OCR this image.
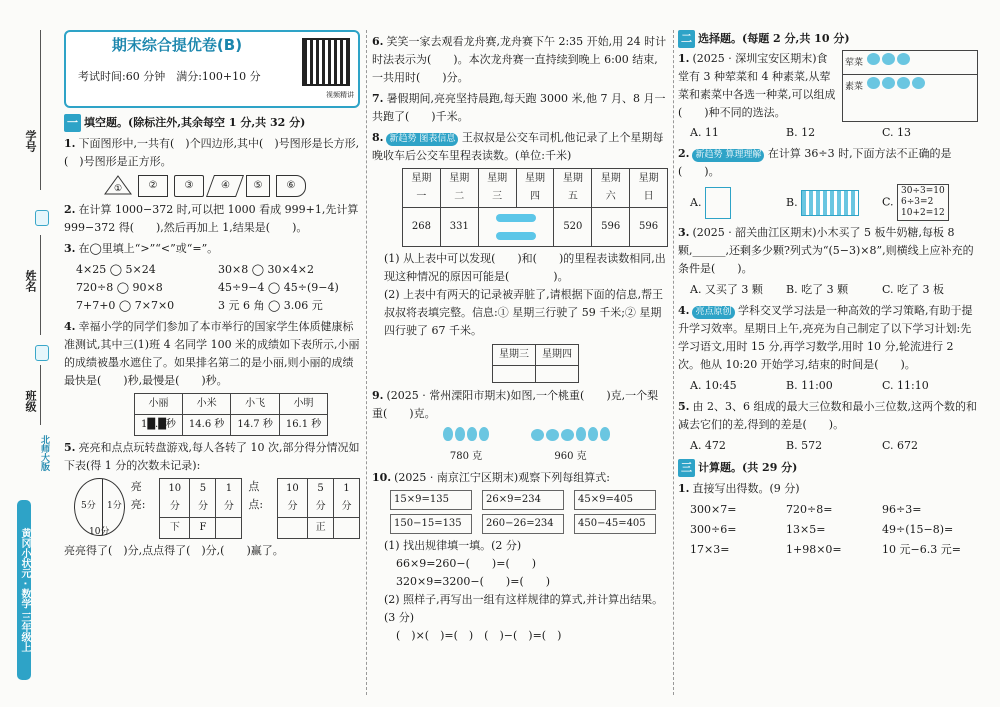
学号
姓名
班级
北师大版
黄冈小状元 · 数学 三年级上
期末综合提优卷(B)
考试时间:60 分钟　满分:100+10 分
视频精讲
一 填空题。(除标注外,其余每空 1 分,共 32 分)
1. 下面图形中,一共有(　)个四边形,其中(　)号图形是长方形,(　)号图形是正方形。
①	②	③	④	⑤	⑥
2. 在计算 1000−372 时,可以把 1000 看成 999+1,先计算 999−372 得(　　),然后再加上 1,结果是(　　)。
3. 在◯里填上“>”“<”或“=”。
4×25 ◯ 5×24	30×8 ◯ 30×4×2
720÷8 ◯ 90×8	45÷9−4 ◯ 45÷(9−4)
7+7+0 ◯ 7×7×0	3 元 6 角 ◯ 3.06 元
4. 幸福小学的同学们参加了本市举行的国家学生体质健康标准测试,其中三(1)班 4 名同学 100 米的成绩如下表所示,小丽的成绩被墨水遮住了。如果排名第二的是小丽,则小丽的成绩最快是(　　)秒,最慢是(　　)秒。
小丽	小米	小飞	小明
1█.█秒	14.6 秒	14.7 秒	16.1 秒
5. 亮亮和点点玩转盘游戏,每人各转了 10 次,部分得分情况如下表(得 1 分的次数未记录):
5分 1分
10分
亮亮:
10分	5分	1分
下	F	
点点:
10分	5分	1分
	正	
亮亮得了(　)分,点点得了(　)分,(　　)赢了。
6. 笑笑一家去观看龙舟赛,龙舟赛下午 2:35 开始,用 24 时计时法表示为(　　)。本次龙舟赛一直持续到晚上 6:00 结束,一共用时(　　)分。
7. 暑假期间,亮亮坚持晨跑,每天跑 3000 米,他 7 月、8 月一共跑了(　　)千米。
8. 新趋势 图表信息 王叔叔是公交车司机,他记录了上个星期每晚收车后公交车里程表读数。(单位:千米)
星期一	星期二	星期三	星期四	星期五	星期六	星期日
268	331			520	596	596
(1) 从上表中可以发现(　　)和(　　)的里程表读数相同,出现这种情况的原因可能是(　　　　)。
(2) 上表中有两天的记录被弄脏了,请根据下面的信息,帮王叔叔将表填完整。信息:① 星期三行驶了 59 千米;② 星期四行驶了 67 千米。
星期三	星期四

9. (2025 · 常州溧阳市期末)如图,一个桃重(　　)克,一个梨重(　　)克。

780 克	960 克
10. (2025 · 南京江宁区期末)观察下列每组算式:
15×9=135	26×9=234	45×9=405
150−15=135	260−26=234	450−45=405
(1) 找出规律填一填。(2 分)
66×9=260−(　　)=(　　)
320×9=3200−(　　)=(　　)
(2) 照样子,再写出一组有这样规律的算式,并计算出结果。(3 分)
(　)×(　)=(　)　(　)−(　)=(　)
二 选择题。(每题 2 分,共 10 分)
1. (2025 · 深圳宝安区期末)食堂有 3 种荤菜和 4 种素菜,从荤菜和素菜中各选一种菜,可以组成(　　)种不同的选法。
荤菜
素菜
A. 11	B. 12	C. 13
2. 新趋势 算理理解 在计算 36÷3 时,下面方法不正确的是(　　)。
A.	B.	C. 30÷3=10
6÷3=2
10+2=12
3. (2025 · 韶关曲江区期末)小木买了 5 板牛奶糖,每板 8 颗,______,还剩多少颗?列式为“(5−3)×8”,则横线上应补充的条件是(　　)。
A. 又买了 3 颗	B. 吃了 3 颗	C. 吃了 3 板
4. 亮点原创 学科交叉学习法是一种高效的学习策略,有助于提升学习效率。星期日上午,亮亮为自己制定了以下学习计划:先学习语文,用时 15 分,再学习数学,用时 10 分,轮流进行 2 次。他从 10:20 开始学习,结束的时间是(　　)。
A. 10:45	B. 11:00	C. 11:10
5. 由 2、3、6 组成的最大三位数和最小三位数,这两个数的和减去它们的差,得到的差是(　　)。
A. 472	B. 572	C. 672
三 计算题。(共 29 分)
1. 直接写出得数。(9 分)
300×7=	720÷8=	96÷3=
300÷6=	13×5=	49÷(15−8)=
17×3=	1+98×0=	10 元−6.3 元=
